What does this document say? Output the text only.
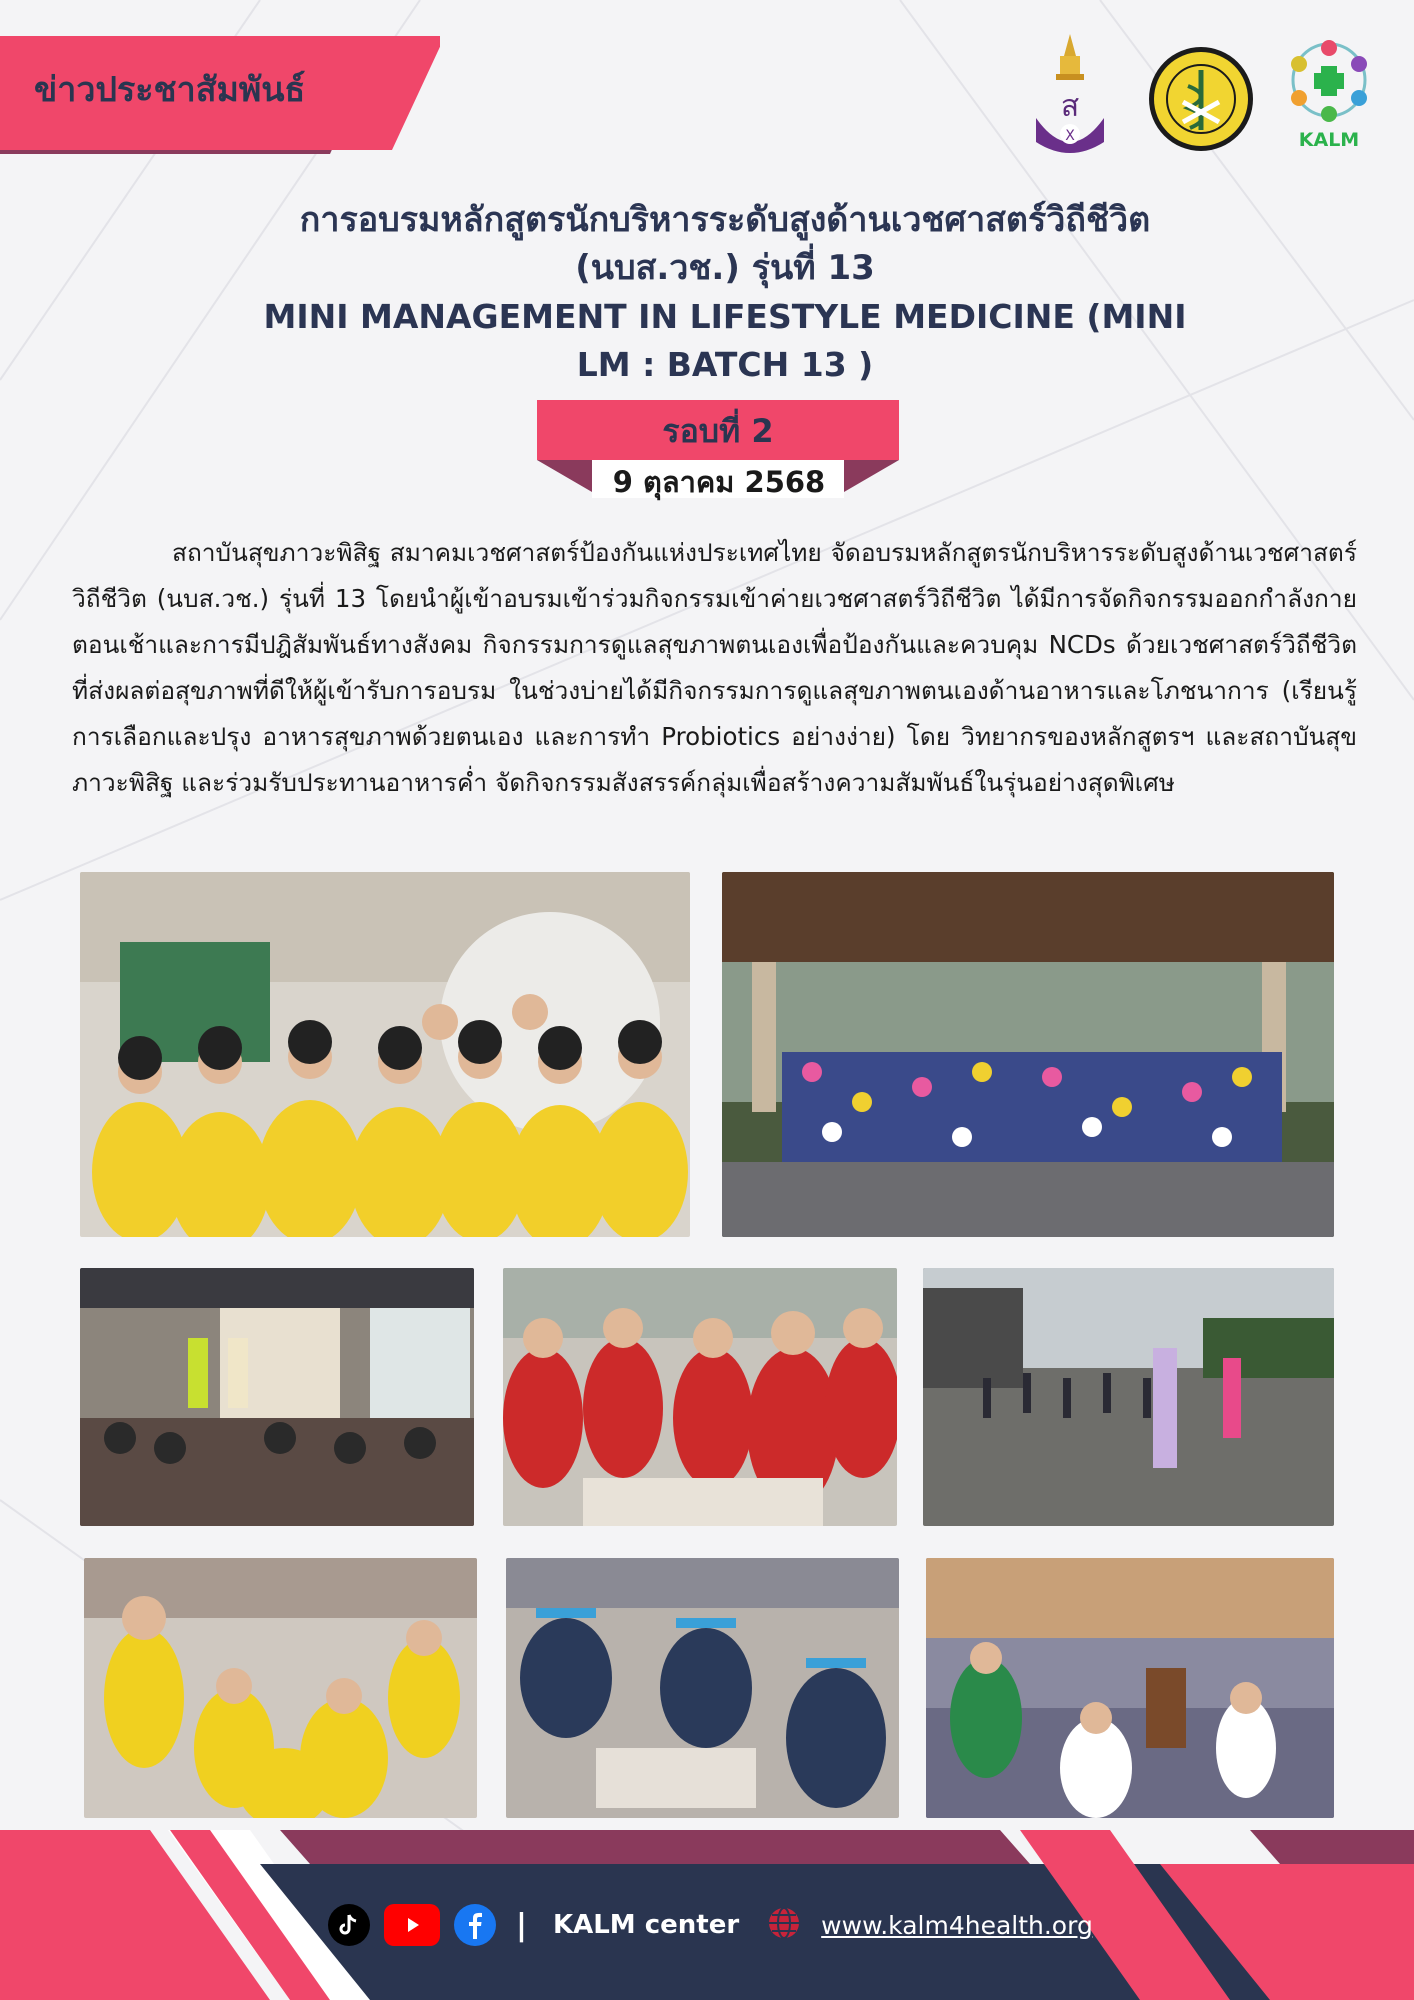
ข่าวประชาสัมพันธ์	ส
X	KALM
การอบรมหลักสูตรนักบริหารระดับสูงด้านเวชศาสตร์วิถีชีวิต
(นบส.วช.) รุ่นที่ 13
MINI MANAGEMENT IN LIFESTYLE MEDICINE (MINI
LM : BATCH 13 )
รอบที่ 2
9 ตุลาคม 2568
สถาบันสุขภาวะพิสิฐ สมาคมเวชศาสตร์ป้องกันแห่งประเทศไทย จัดอบรมหลักสูตรนักบริหารระดับสูงด้านเวชศาสตร์วิถีชีวิต (นบส.วช.) รุ่นที่ 13 โดยนำผู้เข้าอบรมเข้าร่วมกิจกรรมเข้าค่ายเวชศาสตร์วิถีชีวิต ได้มีการจัดกิจกรรมออกกำลังกายตอนเช้าและการมีปฎิสัมพันธ์ทางสังคม กิจกรรมการดูแลสุขภาพตนเองเพื่อป้องกันและควบคุม NCDs ด้วยเวชศาสตร์วิถีชีวิต ที่ส่งผลต่อสุขภาพที่ดีให้ผู้เข้ารับการอบรม ในช่วงบ่ายได้มีกิจกรรมการดูแลสุขภาพตนเองด้านอาหารและโภชนาการ (เรียนรู้การเลือกและปรุง อาหารสุขภาพด้วยตนเอง และการทำ Probiotics อย่างง่าย) โดย วิทยากรของหลักสูตรฯ และสถาบันสุขภาวะพิสิฐ และร่วมรับประทานอาหารค่ำ จัดกิจกรรมสังสรรค์กลุ่มเพื่อสร้างความสัมพันธ์ในรุ่นอย่างสุดพิเศษ
| KALM center	www.kalm4health.org
